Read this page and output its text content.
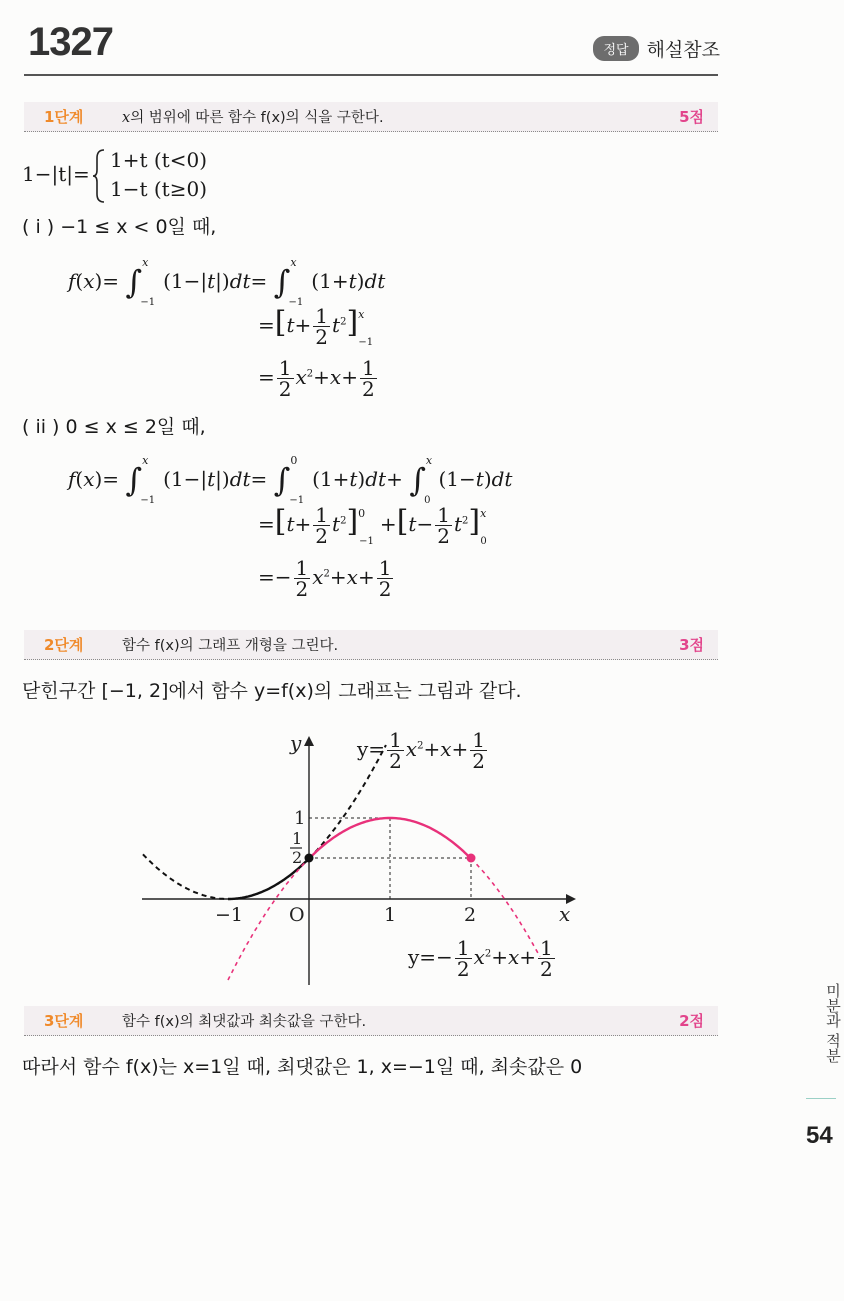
1327	정답 해설참조
1단계	x의 범위에 따른 함수 f(x)의 식을 구한다.	5점
1−|t|=
1+t (t<0)
1−t (t≥0)
( i ) −1 ≤ x < 0일 때,
f(x)= ∫$^x_{-1}$(1−|t|)dt= ∫$^x_{-1}$(1+t)dt
$=[t+ \frac{1}{2} t^2]^x_{-1}$
= $\frac{1}{2} x^2+x+ \frac{1}{2}$
( ii ) 0 ≤ x ≤ 2일 때,
f(x)= ∫$^x_{-1}$(1−|t|)dt= ∫$^0_{-1}$(1+t)dt+ ∫$^x_0$(1−t)dt
$=[t+ \frac{1}{2} t^2]^0_{-1}+[t- \frac{1}{2} t^2]^x_0$
=− $\frac{1}{2} x^2+x+ \frac{1}{2}$
2단계	함수 f(x)의 그래프 개형을 그린다.	3점
닫힌구간 [−1, 2]에서 함수 y=f(x)의 그래프는 그림과 같다.
−1 O	1	2	x
y
1
1
2
$y= \frac{1}{2} x^2+x+ \frac{1}{2}$
$y=- \frac{1}{2} x^2+x+ \frac{1}{2}$
3단계	함수 f(x)의 최댓값과 최솟값을 구한다.	2점
따라서 함수 f(x)는 x=1일 때, 최댓값은 1, x=−1일 때, 최솟값은 0
미분과 적분
54
